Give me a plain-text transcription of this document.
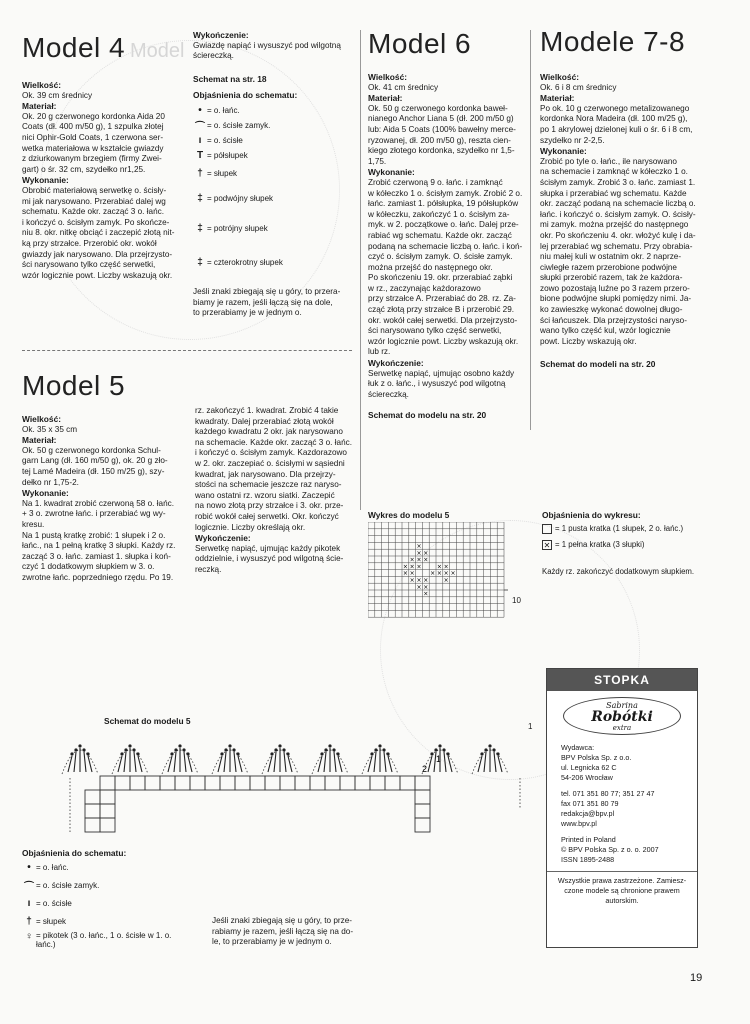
Model 4 Model
Wielkość:
Ok. 39 cm średnicy
Materiał:
Ok. 20 g czerwonego kordonka Aida 20
Coats (dł. 400 m/50 g), 1 szpulka złotej
nici Ophir-Gold Coats, 1 czerwona ser-
wetka materiałowa w kształcie gwiazdy
z dziurkowanym brzegiem (firmy Zwei-
gart) o śr. 32 cm, szydełko nr1,25.
Wykonanie:
Obrobić materiałową serwetkę o. ścisły-
mi jak narysowano. Przerabiać dalej wg
schematu. Każde okr. zacząć 3 o. łańc.
i kończyć o. ścisłym zamyk. Po skończe-
niu 8. okr. nitkę obciąć i zaczepić złotą nit-
ką przy strzałce. Przerobić okr. wokół
gwiazdy jak narysowano. Dla przejrzysto-
ści narysowano tylko część serwetki,
wzór logicznie powt. Liczby wskazują okr.
Wykończenie:
Gwiazdę napiąć i wysuszyć pod wilgotną
ściereczką.
Schemat na str. 18
Objaśnienia do schematu:
• = o. łańc.
⌒ = o. ścisłe zamyk.
ı = o. ścisłe
T = półsłupek
† = słupek
‡ = podwójny słupek
‡ = potrójny słupek
‡ = czterokrotny słupek
Jeśli znaki zbiegają się u góry, to przera-
biamy je razem, jeśli łączą się na dole,
to przerabiamy je w jednym o.
Model 6
Wielkość:
Ok. 41 cm średnicy
Materiał:
Ok. 50 g czerwonego kordonka baweł-
nianego Anchor Liana 5 (dł. 200 m/50 g)
lub: Aida 5 Coats (100% bawełny merce-
ryzowanej, dł. 200 m/50 g), reszta cien-
kiego złotego kordonka, szydełko nr 1,5-
1,75.
Wykonanie:
Zrobić czerwoną 9 o. łańc. i zamknąć
w kółeczko 1 o. ścisłym zamyk. Zrobić 2 o.
łańc. zamiast 1. półsłupka, 19 półsłupków
w kółeczku, zakończyć 1 o. ścisłym za-
myk. w 2. początkowe o. łańc. Dalej prze-
rabiać wg schematu. Każde okr. zacząć
podaną na schemacie liczbą o. łańc. i koń-
czyć o. ścisłym zamyk. O. ścisłe zamyk.
można przejść do następnego okr.
Po skończeniu 19. okr. przerabiać ząbki
w rz., zaczynając każdorazowo
przy strzałce A. Przerabiać do 28. rz. Za-
cząć złotą przy strzałce B i przerobić 29.
okr. wokół całej serwetki. Dla przejrzysto-
ści narysowano tylko część serwetki,
wzór logicznie powt. Liczby wskazują okr.
lub rz.
Wykończenie:
Serwetkę napiąć, ujmując osobno każdy
łuk z o. łańc., i wysuszyć pod wilgotną
ściereczką.
Schemat do modelu na str. 20
Modele 7-8
Wielkość:
Ok. 6 i 8 cm średnicy
Materiał:
Po ok. 10 g czerwonego metalizowanego
kordonka Nora Madeira (dł. 100 m/25 g),
po 1 akrylowej dzielonej kuli o śr. 6 i 8 cm,
szydełko nr 2-2,5.
Wykonanie:
Zrobić po tyle o. łańc., ile narysowano
na schemacie i zamknąć w kółeczko 1 o.
ścisłym zamyk. Zrobić 3 o. łańc. zamiast 1.
słupka i przerabiać wg schematu. Każde
okr. zacząć podaną na schemacie liczbą o.
łańc. i kończyć o. ścisłym zamyk. O. ścisły-
mi zamyk. można przejść do następnego
okr. Po skończeniu 4. okr. włożyć kulę i da-
lej przerabiać wg schematu. Przy obrabia-
niu małej kuli w ostatnim okr. 2 naprze-
ciwległe razem przerobione podwójne
słupki przerobić razem, tak że każdora-
zowo pozostają luźne po 3 razem przero-
bione podwójne słupki pomiędzy nimi. Ja-
ko zawieszkę wykonać dowolnej długo-
ści łańcuszek. Dla przejrzystości naryso-
wano tylko część kul, wzór logicznie
powt. Liczby wskazują okr.
Schemat do modeli na str. 20
Model 5
Wielkość:
Ok. 35 x 35 cm
Materiał:
Ok. 50 g czerwonego kordonka Schul-
garn Lang (dł. 160 m/50 g), ok. 20 g zło-
tej Lamé Madeira (dł. 150 m/25 g), szy-
dełko nr 1,75-2.
Wykonanie:
Na 1. kwadrat zrobić czerwoną 58 o. łańc.
+ 3 o. zwrotne łańc. i przerabiać wg wy-
kresu.
Na 1 pustą kratkę zrobić: 1 słupek i 2 o.
łańc., na 1 pełną kratkę 3 słupki. Każdy rz.
zacząć 3 o. łańc. zamiast 1. słupka i koń-
czyć 1 dodatkowym słupkiem w 3. o.
zwrotne łańc. poprzedniego rzędu. Po 19.
rz. zakończyć 1. kwadrat. Zrobić 4 takie
kwadraty. Dalej przerabiać złotą wokół
każdego kwadratu 2 okr. jak narysowano
na schemacie. Każde okr. zacząć 3 o. łańc.
i kończyć o. ścisłym zamyk. Kazdorazowo
w 2. okr. zaczepiać o. ścisłymi w sąsiedni
kwadrat, jak narysowano. Dla przejrzy-
stości na schemacie jeszcze raz naryso-
wano ostatni rz. wzoru siatki. Zaczepić
na nowo złotą przy strzałce i 3. okr. prze-
robić wokół całej serwetki. Okr. kończyć
logicznie. Liczby określają okr.
Wykończenie:
Serwetkę napiąć, ujmując każdy pikotek
oddzielnie, i wysuszyć pod wilgotną ście-
reczką.
Wykres do modelu 5
×
× ×
× × ×
× × ×	× ×
× ×	× × × ×
× × ×	×
× ×
×
10
Objaśnienia do wykresu:
= 1 pusta kratka (1 słupek, 2 o. łańc.)
✕ = 1 pełna kratka (3 słupki)
Każdy rz. zakończyć dodatkowym słupkiem.
1
Schemat do modelu 5
2
1
Objaśnienia do schematu:
• = o. łańc.
⌒ = o. ścisłe zamyk.
ı = o. ścisłe
† = słupek
♀ = pikotek (3 o. łańc., 1 o. ścisłe w 1. o. łańc.)
Jeśli znaki zbiegają się u góry, to prze-
rabiamy je razem, jeśli łączą się na do-
le, to przerabiamy je w jednym o.
STOPKA
Sabrina
Robótki
extra
Wydawca:
BPV Polska Sp. z o.o.
ul. Legnicka 62 C
54-206 Wrocław
tel. 071 351 80 77; 351 27 47
fax 071 351 80 79
redakcja@bpv.pl
www.bpv.pl
Printed in Poland
© BPV Polska Sp. z o. o. 2007
ISSN 1895-2488
Wszystkie prawa zastrzeżone. Zamiesz-czone modele są chronione prawem autorskim.
19
